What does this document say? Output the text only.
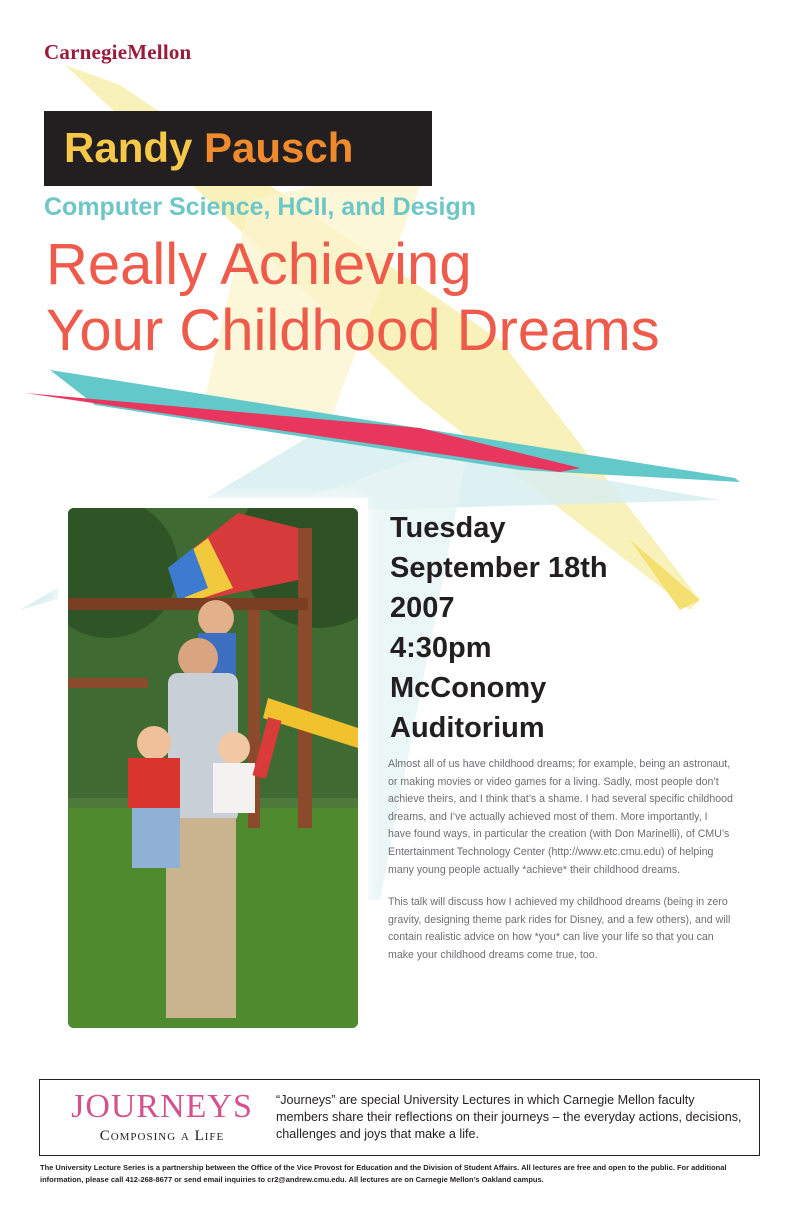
CarnegieMellon
Randy Pausch
Computer Science, HCII, and Design
Really Achieving
Your Childhood Dreams
Tuesday
September 18th
2007
4:30pm
McConomy
Auditorium

Almost all of us have childhood dreams; for example, being an astronaut, or making movies or video games for a living. Sadly, most people don’t achieve theirs, and I think that’s a shame. I had several specific childhood dreams, and I’ve actually achieved most of them. More importantly, I have found ways, in particular the creation (with Don Marinelli), of CMU’s Entertainment Technology Center (http://www.etc.cmu.edu) of helping many young people actually *achieve* their childhood dreams.

This talk will discuss how I achieved my childhood dreams (being in zero gravity, designing theme park rides for Disney, and a few others), and will contain realistic advice on how *you* can live your life so that you can make your childhood dreams come true, too.

JOURNEYS
Composing a Life
“Journeys” are special University Lectures in which Carnegie Mellon faculty members share their reflections on their journeys – the everyday actions, decisions, challenges and joys that make a life.
The University Lecture Series is a partnership between the Office of the Vice Provost for Education and the Division of Student Affairs. All lectures are free and open to the public. For additional information, please call 412-268-8677 or send email inquiries to cr2@andrew.cmu.edu. All lectures are on Carnegie Mellon’s Oakland campus.
